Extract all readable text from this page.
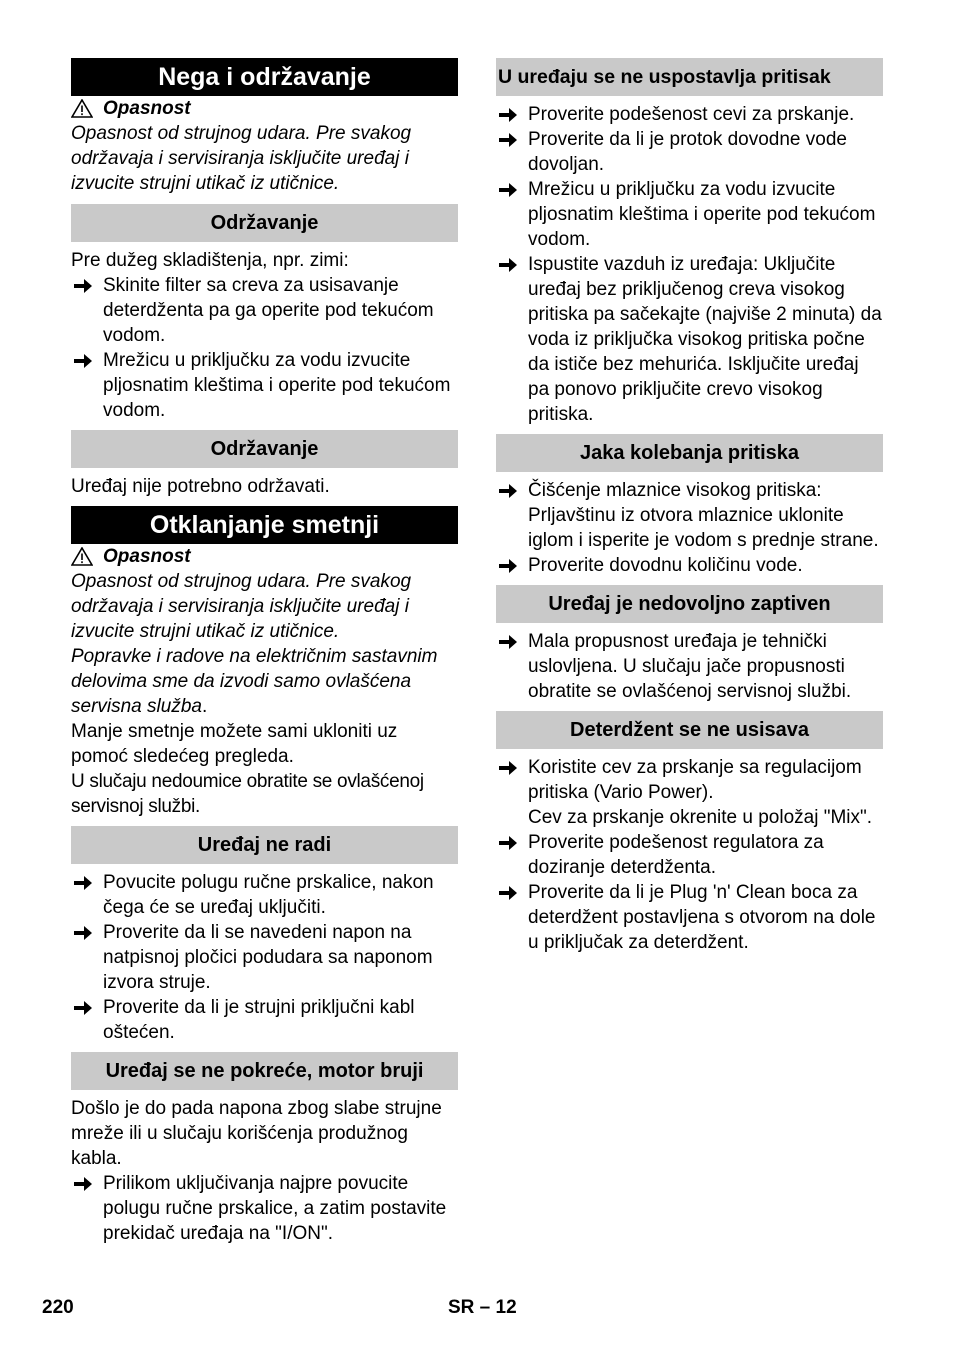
Nega i održavanje
Opasnost

Opasnost od strujnog udara. Pre svakog održavaja i servisiranja isključite uređaj i izvucite strujni utikač iz utičnice.

Održavanje

Pre dužeg skladištenja, npr. zimi:

Skinite filter sa creva za usisavanje deterdženta pa ga operite pod tekućom vodom.
Mrežicu u priključku za vodu izvucite pljosnatim kleštima i operite pod tekućom vodom.
Održavanje

Uređaj nije potrebno održavati.

Otklanjanje smetnji
Opasnost

Opasnost od strujnog udara. Pre svakog održavaja i servisiranja isključite uređaj i izvucite strujni utikač iz utičnice.

Popravke i radove na električnim sastavnim delovima sme da izvodi samo ovlašćena servisna služba.

Manje smetnje možete sami ukloniti uz pomoć sledećeg pregleda.

U slučaju nedoumice obratite se ovlašćenoj servisnoj službi.

Uređaj ne radi
Povucite polugu ručne prskalice, nakon čega će se uređaj uključiti.
Proverite da li se navedeni napon na natpisnoj pločici podudara sa naponom izvora struje.
Proverite da li je strujni priključni kabl oštećen.
Uređaj se ne pokreće, motor bruji

Došlo je do pada napona zbog slabe strujne mreže ili u slučaju korišćenja produžnog kabla.

Prilikom uključivanja najpre povucite polugu ručne prskalice, a zatim postavite prekidač uređaja na "I/ON".
U uređaju se ne uspostavlja pritisak
Proverite podešenost cevi za prskanje.
Proverite da li je protok dovodne vode dovoljan.
Mrežicu u priključku za vodu izvucite pljosnatim kleštima i operite pod tekućom vodom.
Ispustite vazduh iz uređaja: Uključite uređaj bez priključenog creva visokog pritiska pa sačekajte (najviše 2 minuta) da voda iz priključka visokog pritiska počne da ističe bez mehurića. Isključite uređaj pa ponovo priključite crevo visokog pritiska.
Jaka kolebanja pritiska
Čišćenje mlaznice visokog pritiska: Prljavštinu iz otvora mlaznice uklonite iglom i isperite je vodom s prednje strane.
Proverite dovodnu količinu vode.
Uređaj je nedovoljno zaptiven
Mala propusnost uređaja je tehnički uslovljena. U slučaju jače propusnosti obratite se ovlašćenoj servisnoj službi.
Deterdžent se ne usisava
Koristite cev za prskanje sa regulacijom pritiska (Vario Power).
Cev za prskanje okrenite u položaj "Mix".
Proverite podešenost regulatora za doziranje deterdženta.
Proverite da li je Plug 'n' Clean boca za deterdžent postavljena s otvorom na dole u priključak za deterdžent.
220	SR – 12
